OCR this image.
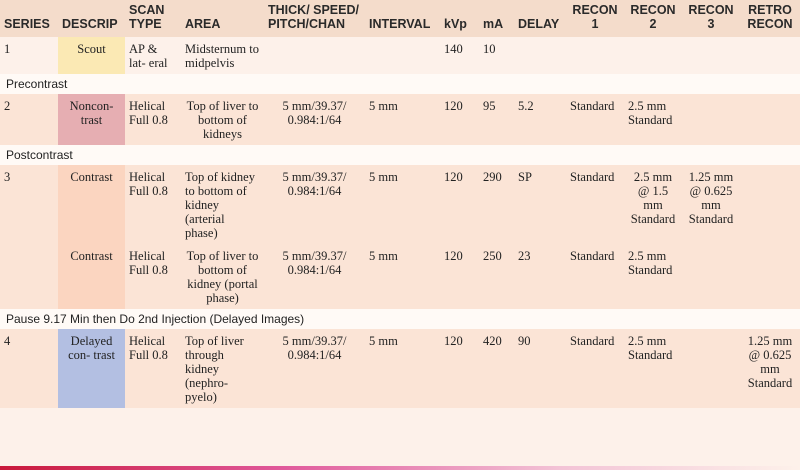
SERIES	DESCRIP	SCAN TYPE	AREA	THICK/ SPEED/ PITCH/CHAN	INTERVAL	kVp	mA	DELAY	RECON 1	RECON 2	RECON 3	RETRO RECON
1	Scout	AP & lat- eral	Midsternum to midpelvis			140	10					
Precontrast												
2	Noncon- trast	Helical Full 0.8	Top of liver to bottom of kidneys	5 mm/39.37/ 0.984:1/64	5 mm	120	95	5.2	Standard	2.5 mm Standard		
Postcontrast												
3	Contrast	Helical Full 0.8	Top of kidney to bottom of kidney (arterial phase)	5 mm/39.37/ 0.984:1/64	5 mm	120	290	SP	Standard	2.5 mm @ 1.5 mm Standard	1.25 mm @ 0.625 mm Standard	
	Contrast	Helical Full 0.8	Top of liver to bottom of kidney (portal phase)	5 mm/39.37/ 0.984:1/64	5 mm	120	250	23	Standard	2.5 mm Standard		
Pause 9.17 Min then Do 2nd Injection (Delayed Images)												
4	Delayed con- trast	Helical Full 0.8	Top of liver through kidney (nephro- pyelo)	5 mm/39.37/ 0.984:1/64	5 mm	120	420	90	Standard	2.5 mm Standard		1.25 mm @ 0.625 mm Standard
